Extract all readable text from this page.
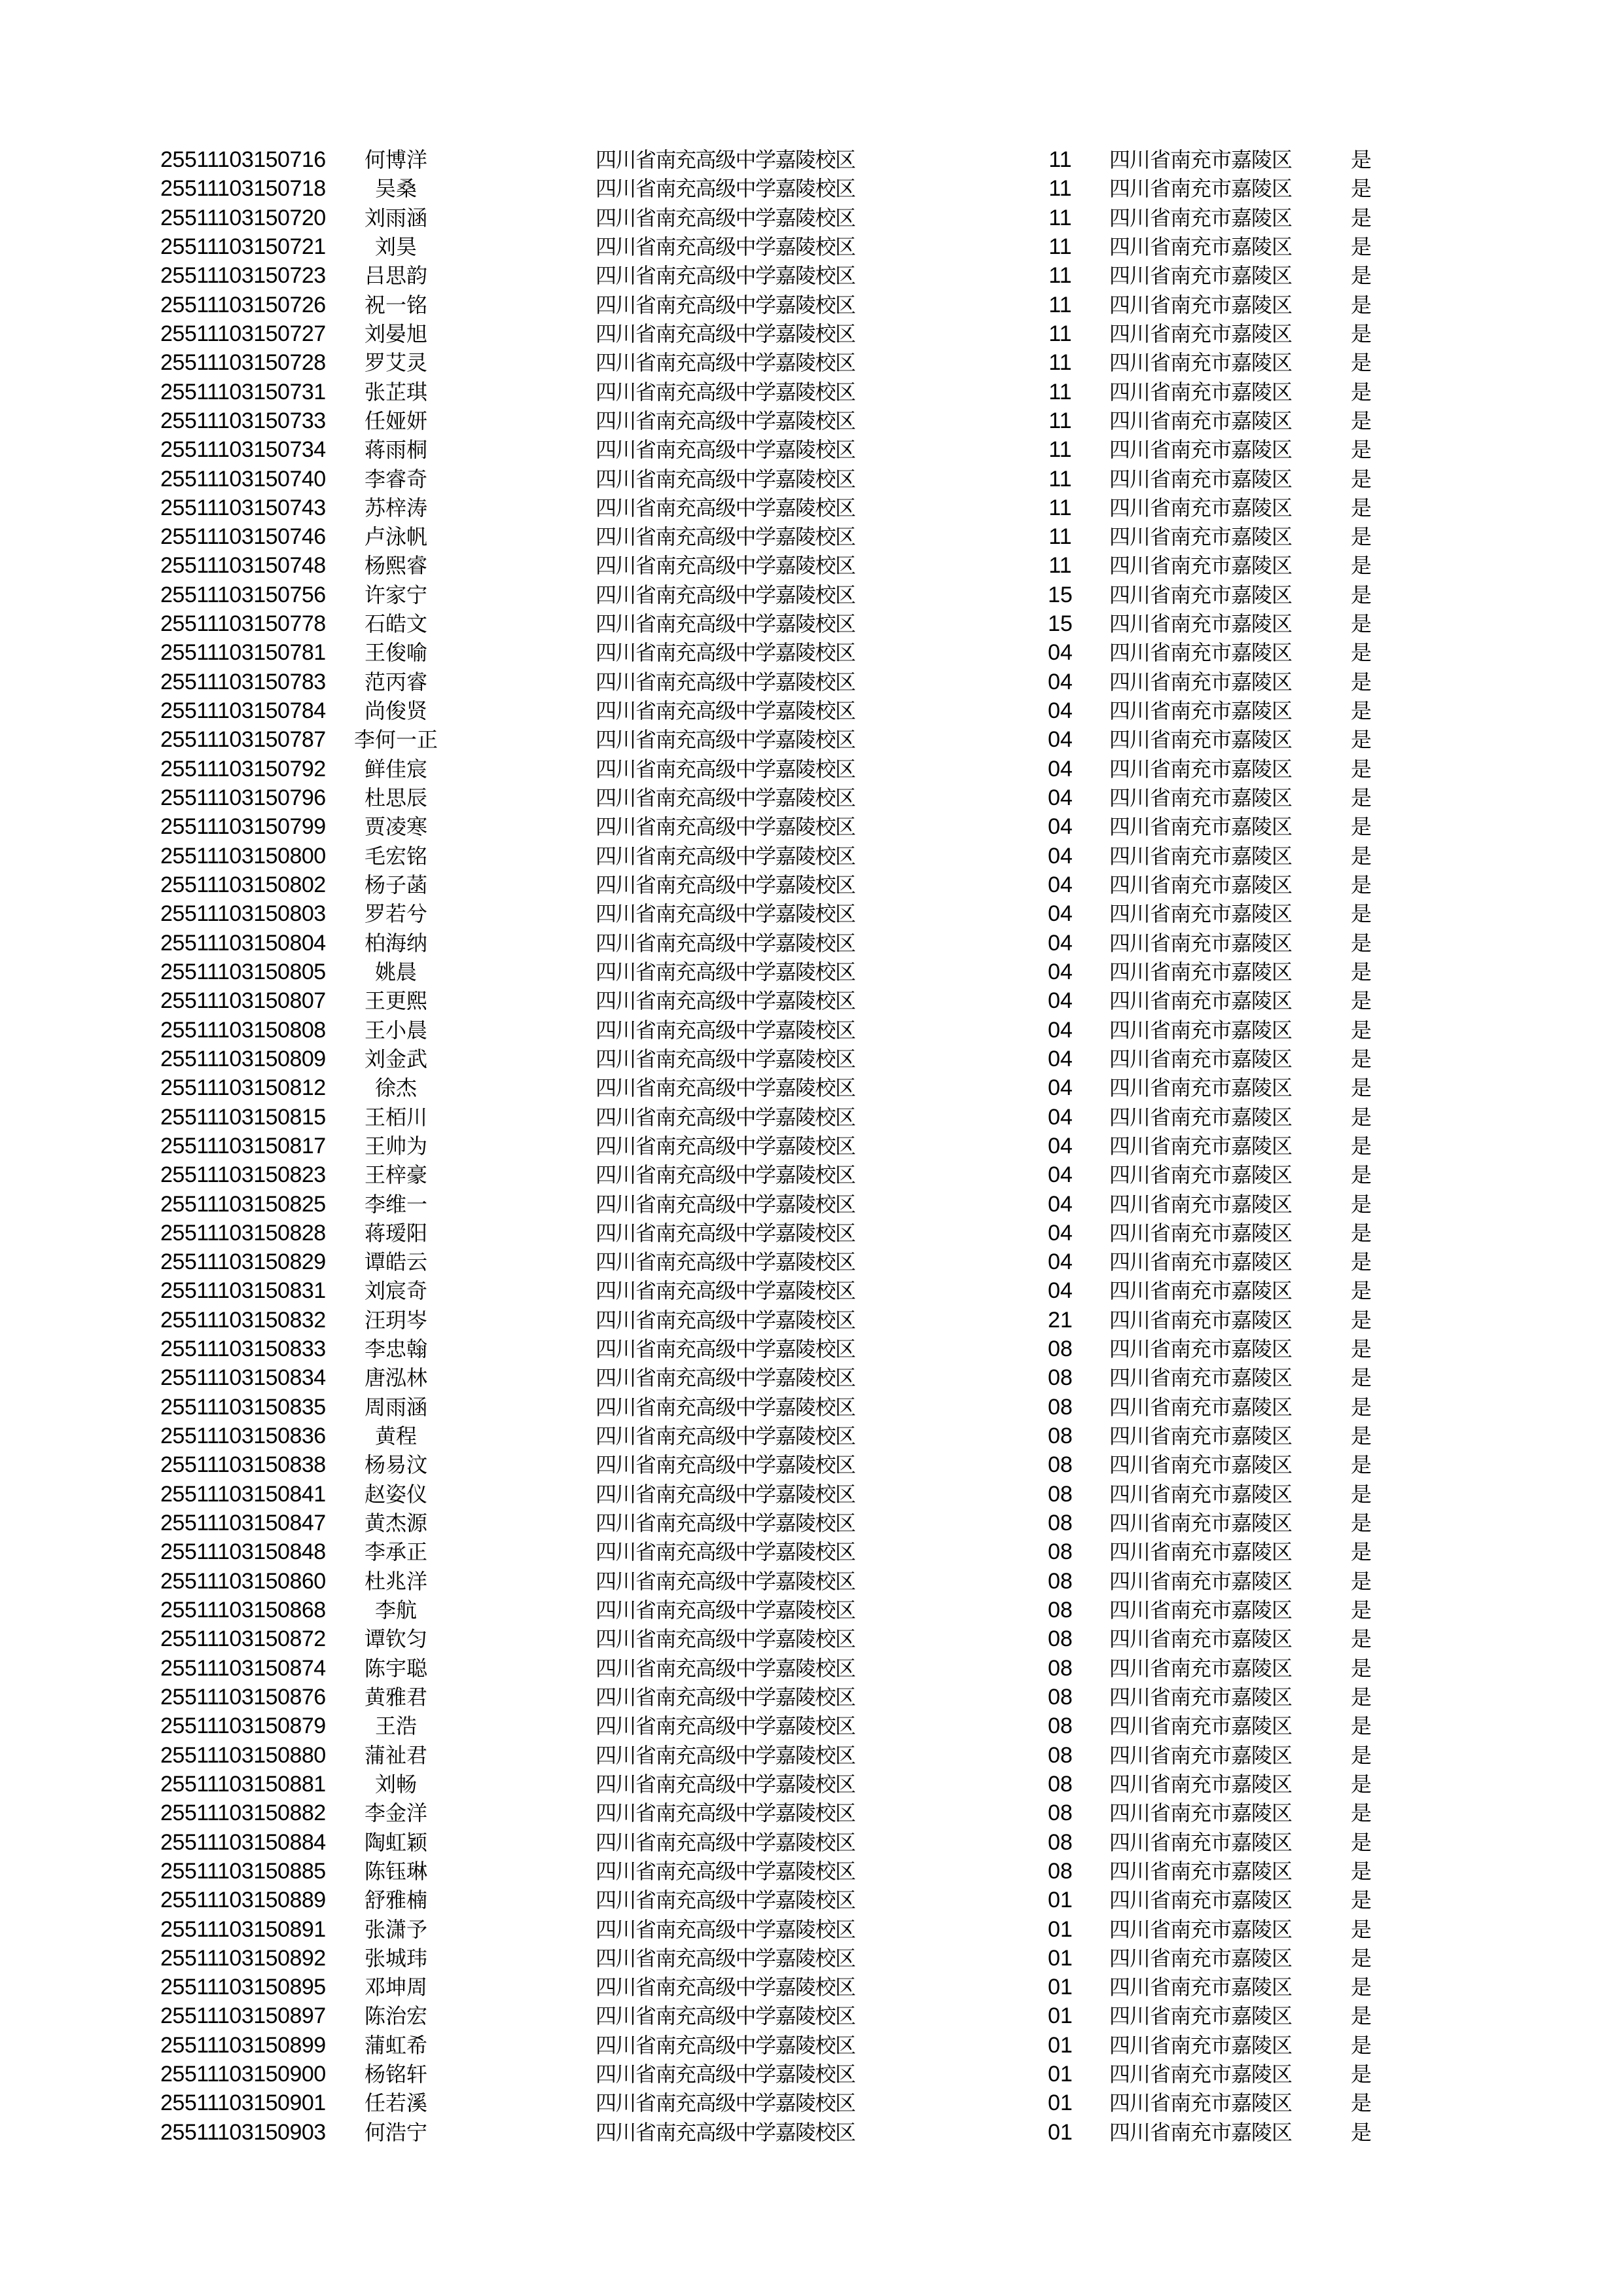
25511103150716	何博洋	四川省南充高级中学嘉陵校区	11	四川省南充市嘉陵区	是
25511103150718	吴桑	四川省南充高级中学嘉陵校区	11	四川省南充市嘉陵区	是
25511103150720	刘雨涵	四川省南充高级中学嘉陵校区	11	四川省南充市嘉陵区	是
25511103150721	刘昊	四川省南充高级中学嘉陵校区	11	四川省南充市嘉陵区	是
25511103150723	吕思韵	四川省南充高级中学嘉陵校区	11	四川省南充市嘉陵区	是
25511103150726	祝一铭	四川省南充高级中学嘉陵校区	11	四川省南充市嘉陵区	是
25511103150727	刘晏旭	四川省南充高级中学嘉陵校区	11	四川省南充市嘉陵区	是
25511103150728	罗艾灵	四川省南充高级中学嘉陵校区	11	四川省南充市嘉陵区	是
25511103150731	张芷琪	四川省南充高级中学嘉陵校区	11	四川省南充市嘉陵区	是
25511103150733	任娅妍	四川省南充高级中学嘉陵校区	11	四川省南充市嘉陵区	是
25511103150734	蒋雨桐	四川省南充高级中学嘉陵校区	11	四川省南充市嘉陵区	是
25511103150740	李睿奇	四川省南充高级中学嘉陵校区	11	四川省南充市嘉陵区	是
25511103150743	苏梓涛	四川省南充高级中学嘉陵校区	11	四川省南充市嘉陵区	是
25511103150746	卢泳帆	四川省南充高级中学嘉陵校区	11	四川省南充市嘉陵区	是
25511103150748	杨熙睿	四川省南充高级中学嘉陵校区	11	四川省南充市嘉陵区	是
25511103150756	许家宁	四川省南充高级中学嘉陵校区	15	四川省南充市嘉陵区	是
25511103150778	石皓文	四川省南充高级中学嘉陵校区	15	四川省南充市嘉陵区	是
25511103150781	王俊喻	四川省南充高级中学嘉陵校区	04	四川省南充市嘉陵区	是
25511103150783	范丙睿	四川省南充高级中学嘉陵校区	04	四川省南充市嘉陵区	是
25511103150784	尚俊贤	四川省南充高级中学嘉陵校区	04	四川省南充市嘉陵区	是
25511103150787	李何一正	四川省南充高级中学嘉陵校区	04	四川省南充市嘉陵区	是
25511103150792	鲜佳宸	四川省南充高级中学嘉陵校区	04	四川省南充市嘉陵区	是
25511103150796	杜思辰	四川省南充高级中学嘉陵校区	04	四川省南充市嘉陵区	是
25511103150799	贾凌寒	四川省南充高级中学嘉陵校区	04	四川省南充市嘉陵区	是
25511103150800	毛宏铭	四川省南充高级中学嘉陵校区	04	四川省南充市嘉陵区	是
25511103150802	杨子菡	四川省南充高级中学嘉陵校区	04	四川省南充市嘉陵区	是
25511103150803	罗若兮	四川省南充高级中学嘉陵校区	04	四川省南充市嘉陵区	是
25511103150804	柏海纳	四川省南充高级中学嘉陵校区	04	四川省南充市嘉陵区	是
25511103150805	姚晨	四川省南充高级中学嘉陵校区	04	四川省南充市嘉陵区	是
25511103150807	王更熙	四川省南充高级中学嘉陵校区	04	四川省南充市嘉陵区	是
25511103150808	王小晨	四川省南充高级中学嘉陵校区	04	四川省南充市嘉陵区	是
25511103150809	刘金武	四川省南充高级中学嘉陵校区	04	四川省南充市嘉陵区	是
25511103150812	徐杰	四川省南充高级中学嘉陵校区	04	四川省南充市嘉陵区	是
25511103150815	王栢川	四川省南充高级中学嘉陵校区	04	四川省南充市嘉陵区	是
25511103150817	王帅为	四川省南充高级中学嘉陵校区	04	四川省南充市嘉陵区	是
25511103150823	王梓豪	四川省南充高级中学嘉陵校区	04	四川省南充市嘉陵区	是
25511103150825	李维一	四川省南充高级中学嘉陵校区	04	四川省南充市嘉陵区	是
25511103150828	蒋瑷阳	四川省南充高级中学嘉陵校区	04	四川省南充市嘉陵区	是
25511103150829	谭皓云	四川省南充高级中学嘉陵校区	04	四川省南充市嘉陵区	是
25511103150831	刘宸奇	四川省南充高级中学嘉陵校区	04	四川省南充市嘉陵区	是
25511103150832	汪玥岑	四川省南充高级中学嘉陵校区	21	四川省南充市嘉陵区	是
25511103150833	李忠翰	四川省南充高级中学嘉陵校区	08	四川省南充市嘉陵区	是
25511103150834	唐泓林	四川省南充高级中学嘉陵校区	08	四川省南充市嘉陵区	是
25511103150835	周雨涵	四川省南充高级中学嘉陵校区	08	四川省南充市嘉陵区	是
25511103150836	黄程	四川省南充高级中学嘉陵校区	08	四川省南充市嘉陵区	是
25511103150838	杨易汶	四川省南充高级中学嘉陵校区	08	四川省南充市嘉陵区	是
25511103150841	赵姿仪	四川省南充高级中学嘉陵校区	08	四川省南充市嘉陵区	是
25511103150847	黄杰源	四川省南充高级中学嘉陵校区	08	四川省南充市嘉陵区	是
25511103150848	李承正	四川省南充高级中学嘉陵校区	08	四川省南充市嘉陵区	是
25511103150860	杜兆洋	四川省南充高级中学嘉陵校区	08	四川省南充市嘉陵区	是
25511103150868	李航	四川省南充高级中学嘉陵校区	08	四川省南充市嘉陵区	是
25511103150872	谭钦匀	四川省南充高级中学嘉陵校区	08	四川省南充市嘉陵区	是
25511103150874	陈宇聪	四川省南充高级中学嘉陵校区	08	四川省南充市嘉陵区	是
25511103150876	黄雅君	四川省南充高级中学嘉陵校区	08	四川省南充市嘉陵区	是
25511103150879	王浩	四川省南充高级中学嘉陵校区	08	四川省南充市嘉陵区	是
25511103150880	蒲祉君	四川省南充高级中学嘉陵校区	08	四川省南充市嘉陵区	是
25511103150881	刘畅	四川省南充高级中学嘉陵校区	08	四川省南充市嘉陵区	是
25511103150882	李金洋	四川省南充高级中学嘉陵校区	08	四川省南充市嘉陵区	是
25511103150884	陶虹颖	四川省南充高级中学嘉陵校区	08	四川省南充市嘉陵区	是
25511103150885	陈钰琳	四川省南充高级中学嘉陵校区	08	四川省南充市嘉陵区	是
25511103150889	舒雅楠	四川省南充高级中学嘉陵校区	01	四川省南充市嘉陵区	是
25511103150891	张潇予	四川省南充高级中学嘉陵校区	01	四川省南充市嘉陵区	是
25511103150892	张城玮	四川省南充高级中学嘉陵校区	01	四川省南充市嘉陵区	是
25511103150895	邓坤周	四川省南充高级中学嘉陵校区	01	四川省南充市嘉陵区	是
25511103150897	陈治宏	四川省南充高级中学嘉陵校区	01	四川省南充市嘉陵区	是
25511103150899	蒲虹希	四川省南充高级中学嘉陵校区	01	四川省南充市嘉陵区	是
25511103150900	杨铭轩	四川省南充高级中学嘉陵校区	01	四川省南充市嘉陵区	是
25511103150901	任若溪	四川省南充高级中学嘉陵校区	01	四川省南充市嘉陵区	是
25511103150903	何浩宁	四川省南充高级中学嘉陵校区	01	四川省南充市嘉陵区	是
